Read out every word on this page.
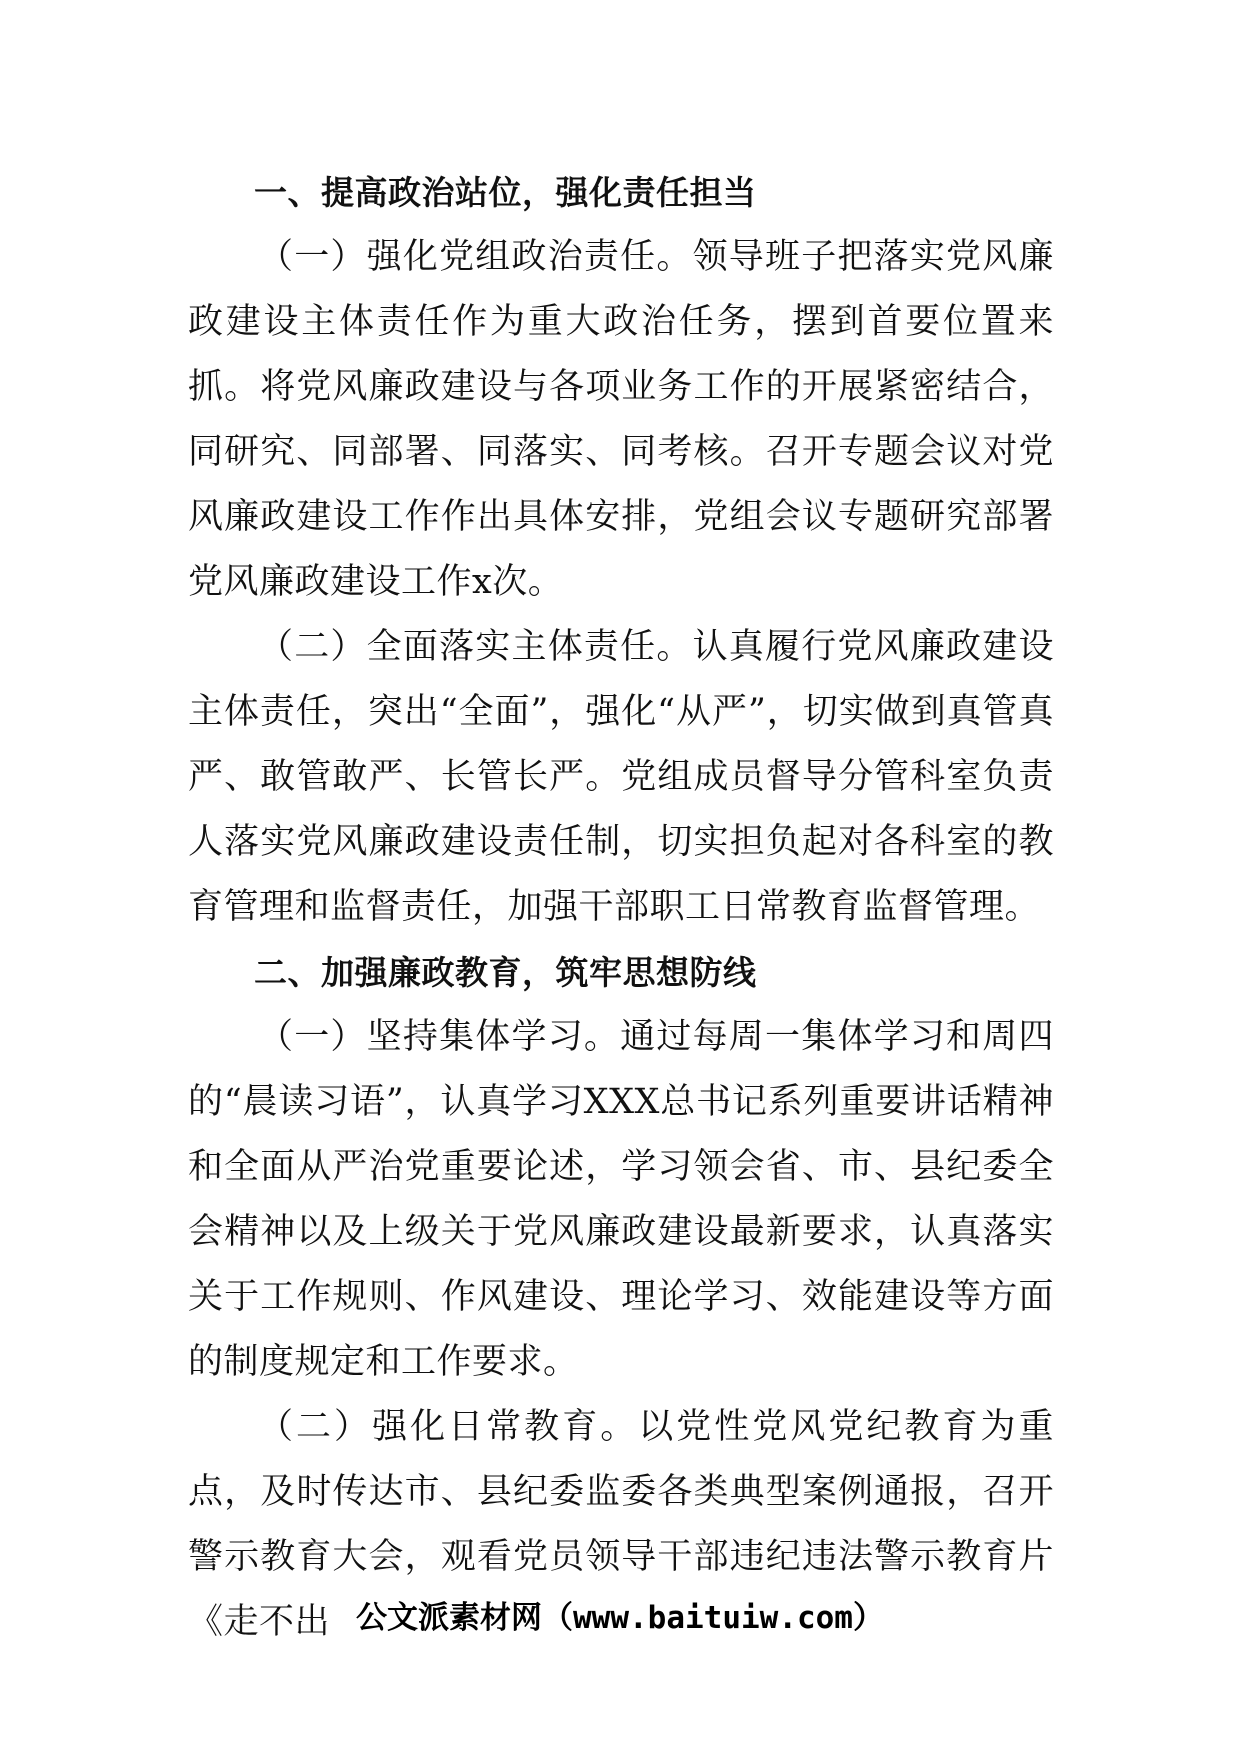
一、提高政治站位，强化责任担当

（一）强化党组政治责任。领导班子把落实党风廉政建设主体责任作为重大政治任务，摆到首要位置来抓。将党风廉政建设与各项业务工作的开展紧密结合，同研究、同部署、同落实、同考核。召开专题会议对党风廉政建设工作作出具体安排，党组会议专题研究部署党风廉政建设工作x次。

（二）全面落实主体责任。认真履行党风廉政建设主体责任，突出“全面”，强化“从严”，切实做到真管真严、敢管敢严、长管长严。党组成员督导分管科室负责人落实党风廉政建设责任制，切实担负起对各科室的教育管理和监督责任，加强干部职工日常教育监督管理。

二、加强廉政教育，筑牢思想防线

（一）坚持集体学习。通过每周一集体学习和周四的“晨读习语”，认真学习XXX总书记系列重要讲话精神和全面从严治党重要论述，学习领会省、市、县纪委全会精神以及上级关于党风廉政建设最新要求，认真落实关于工作规则、作风建设、理论学习、效能建设等方面的制度规定和工作要求。

（二）强化日常教育。以党性党风党纪教育为重点，及时传达市、县纪委监委各类典型案例通报，召开警示教育大会，观看党员领导干部违纪违法警示教育片《走不出 公文派素材网（www.baituiw.com）
